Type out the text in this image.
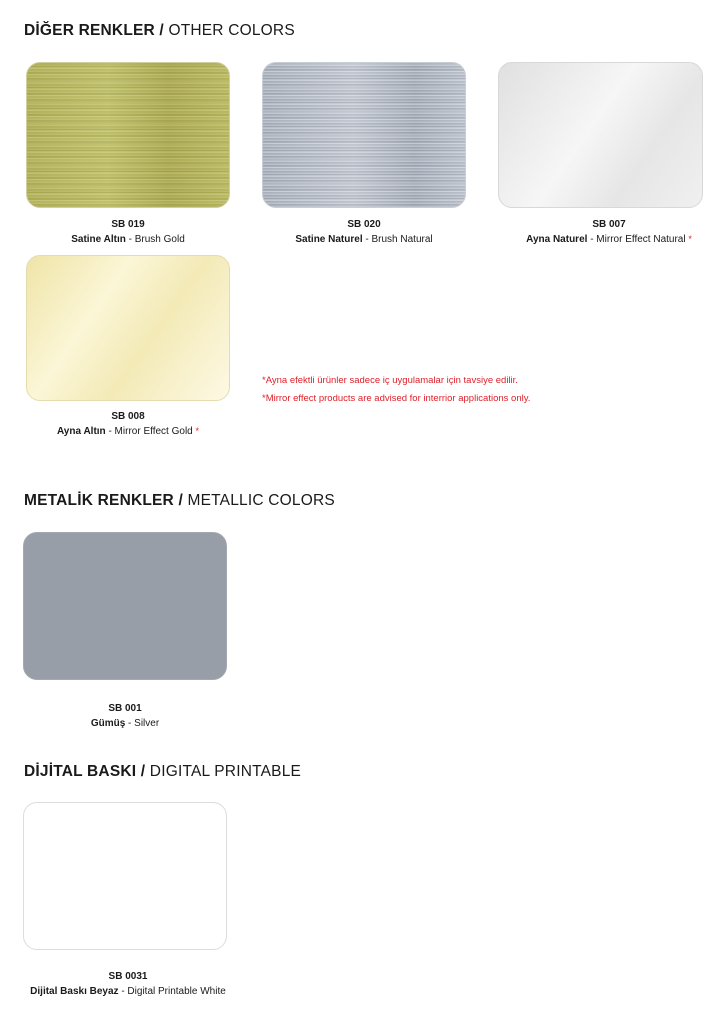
DİĞER RENKLER / OTHER COLORS
SB 019
Satine Altın - Brush Gold
SB 020
Satine Naturel - Brush Natural
SB 007
Ayna Naturel - Mirror Effect Natural *
SB 008
Ayna Altın - Mirror Effect Gold *
*Ayna efektli ürünler sadece iç uygulamalar için tavsiye edilir.
*Mirror effect products are advised for interrior applications only.
METALİK RENKLER / METALLIC COLORS
SB 001
Gümüş - Silver
DİJİTAL BASKI / DIGITAL PRINTABLE
SB 0031
Dijital Baskı Beyaz - Digital Printable White
